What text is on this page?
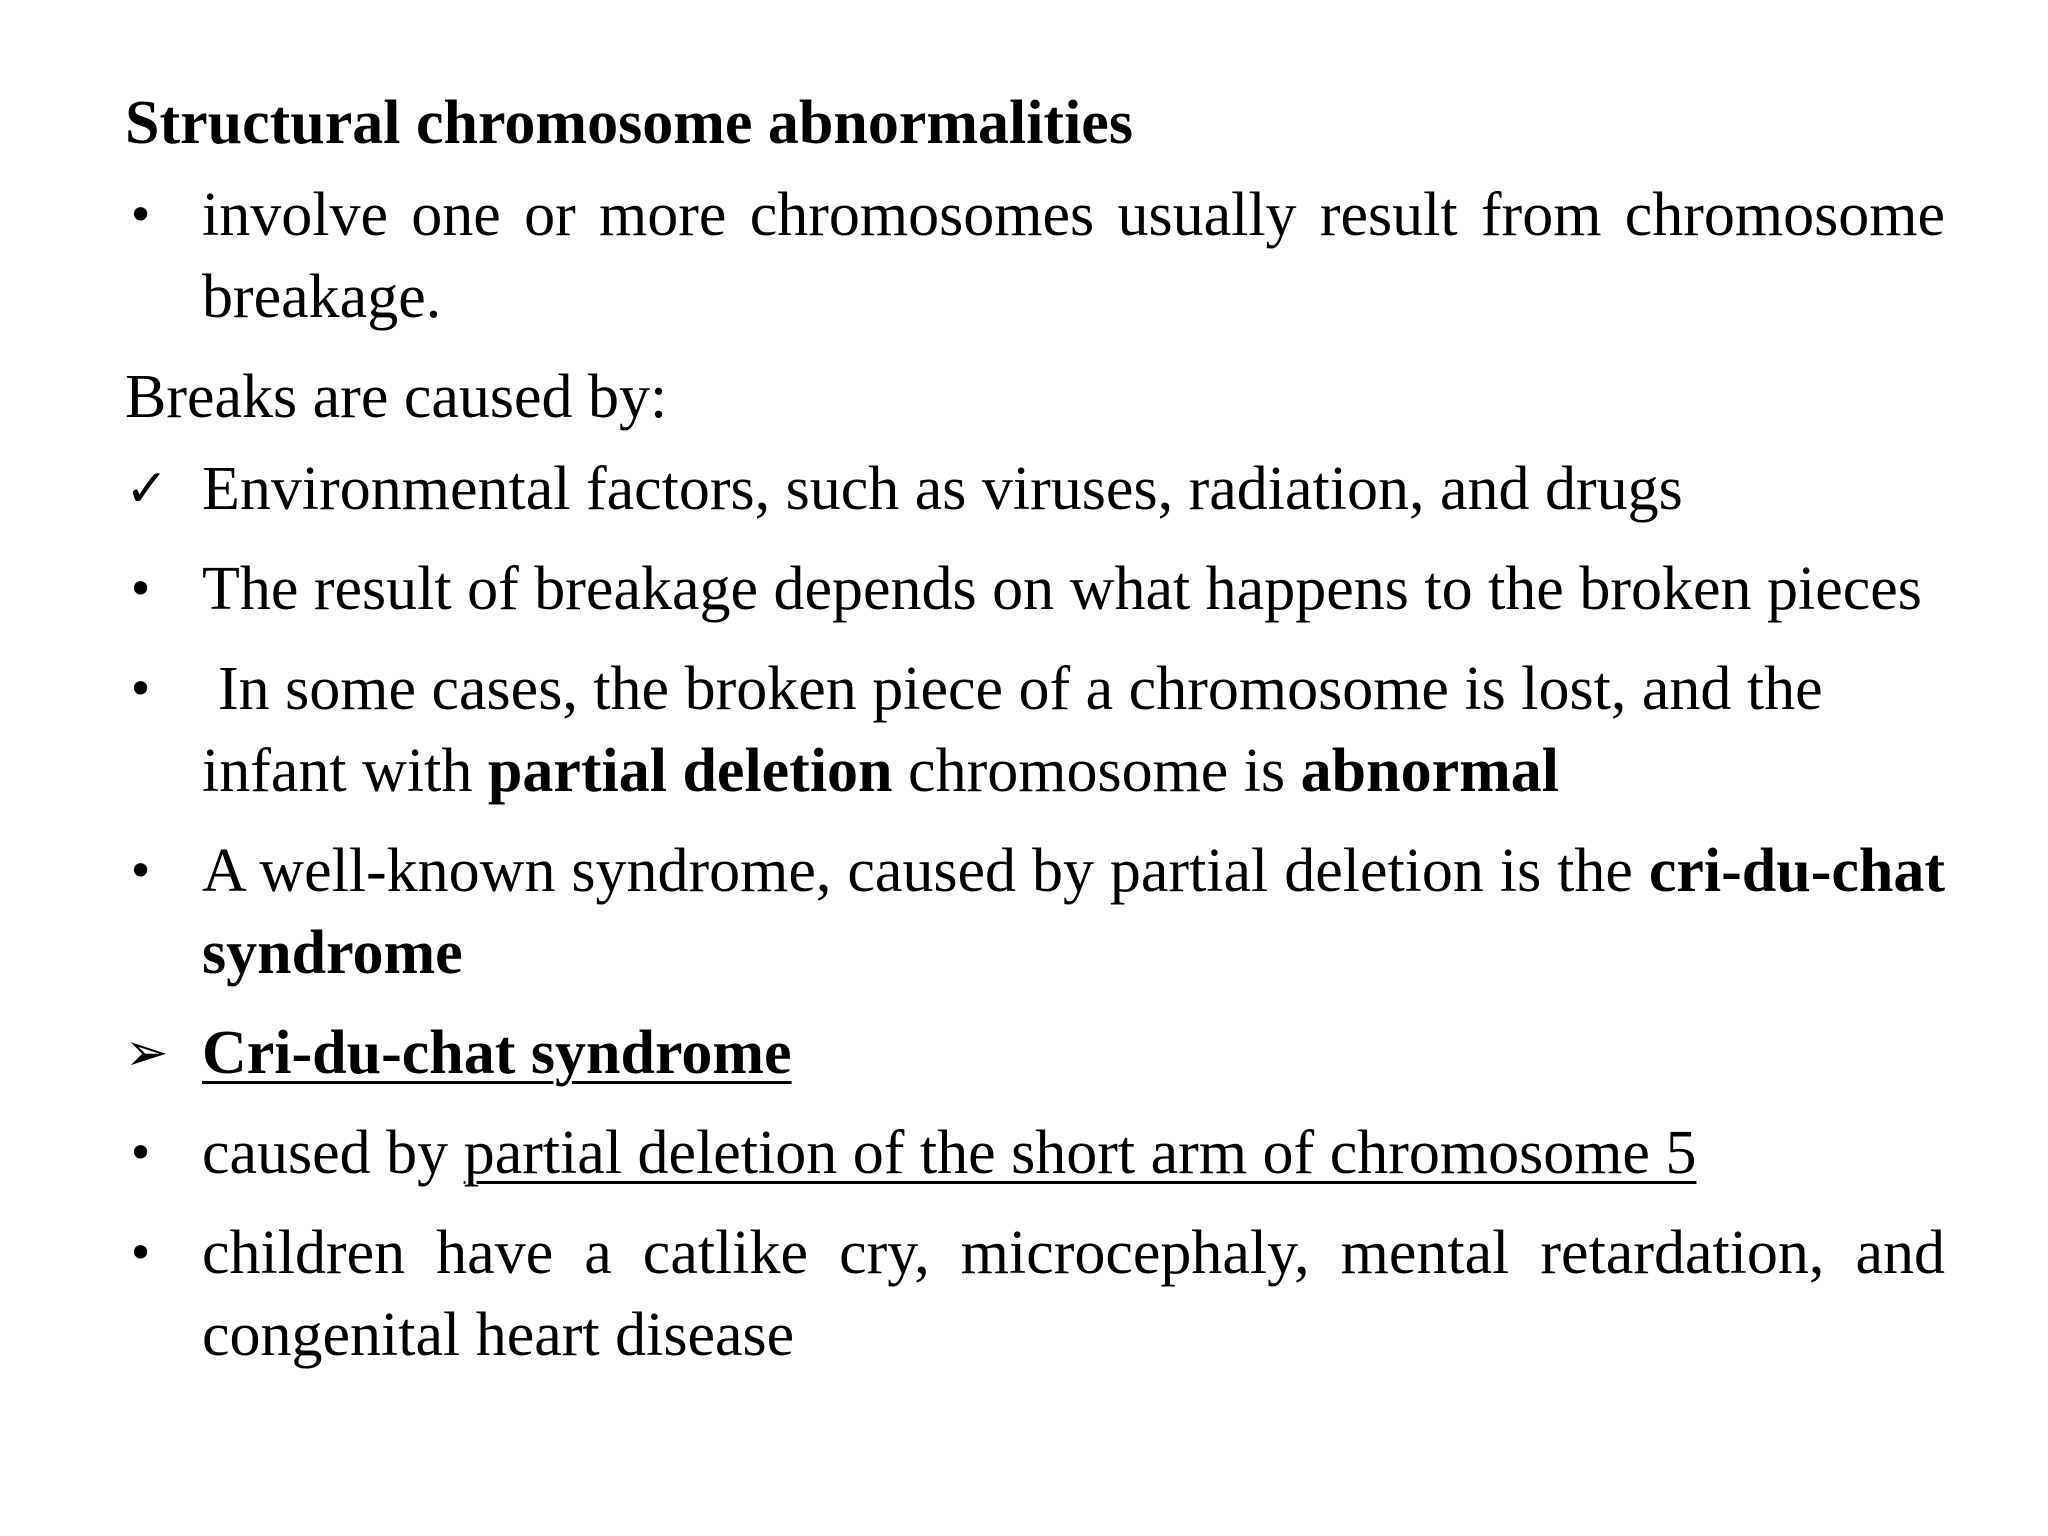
Structural chromosome abnormalities
• involve one or more chromosomes usually result from chromosome breakage.
Breaks are caused by:
✓ Environmental factors, such as viruses, radiation, and drugs
• The result of breakage depends on what happens to the broken pieces
•	In some cases, the broken piece of a chromosome is lost, and the infant with partial deletion chromosome is abnormal
• A well-known syndrome, caused by partial deletion is the cri-du-chat syndrome
➢ Cri-du-chat syndrome
• caused by partial deletion of the short arm of chromosome 5
• children have a catlike cry, microcephaly, mental retardation, and congenital heart disease
